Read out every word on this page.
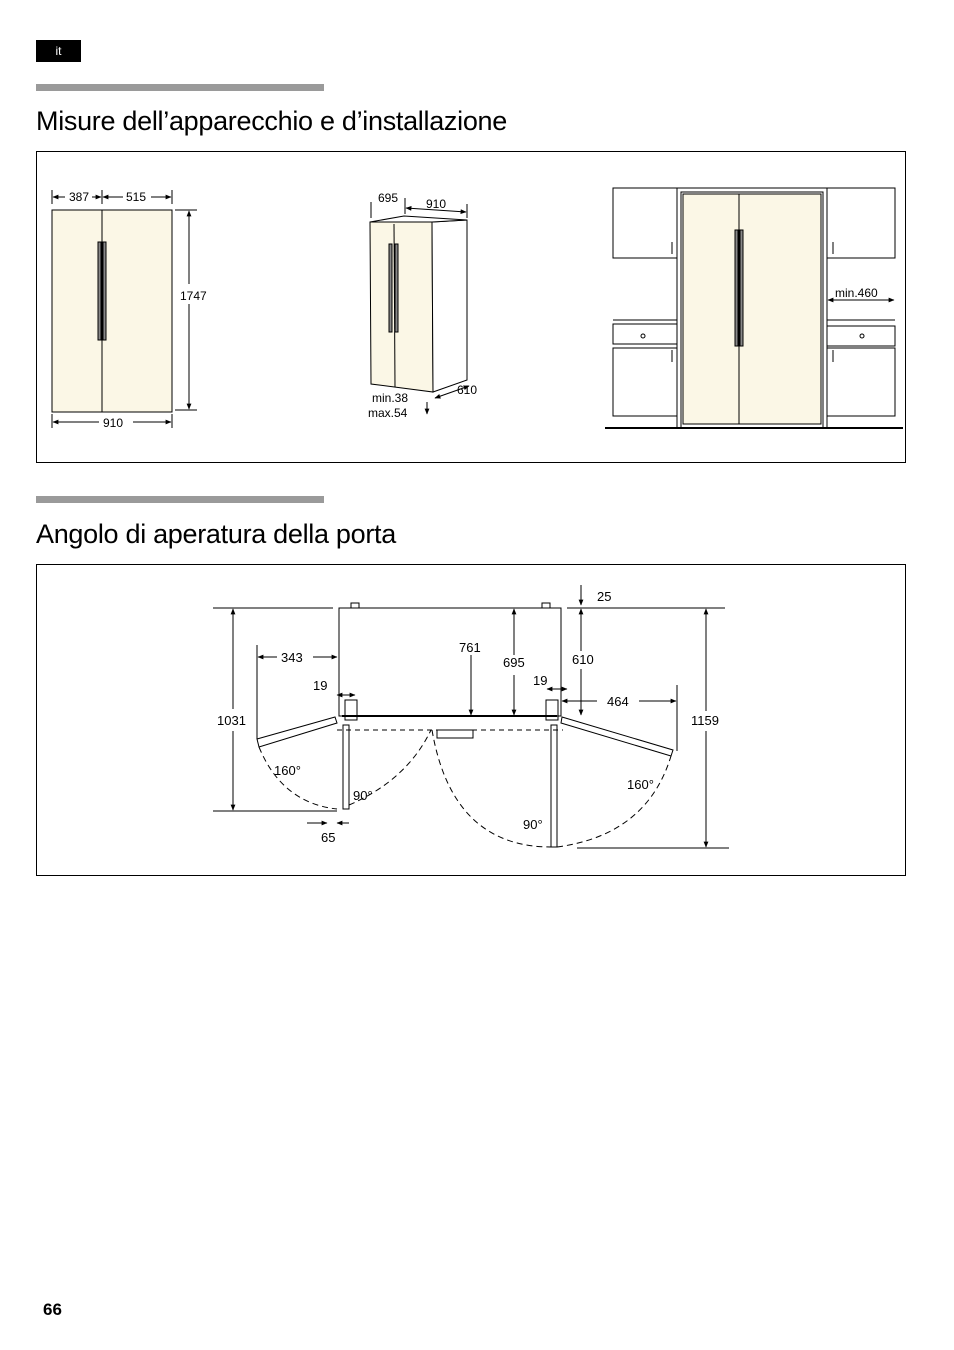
it
Misure dell’apparecchio e d’installazione
387	515
1747
910
695 910
610
min.38
max.54
min.460
Angolo di aperatura della porta
25
343
761
695	610
19	19
464
1031	1159
160°
90°
90°
160°
65
66
